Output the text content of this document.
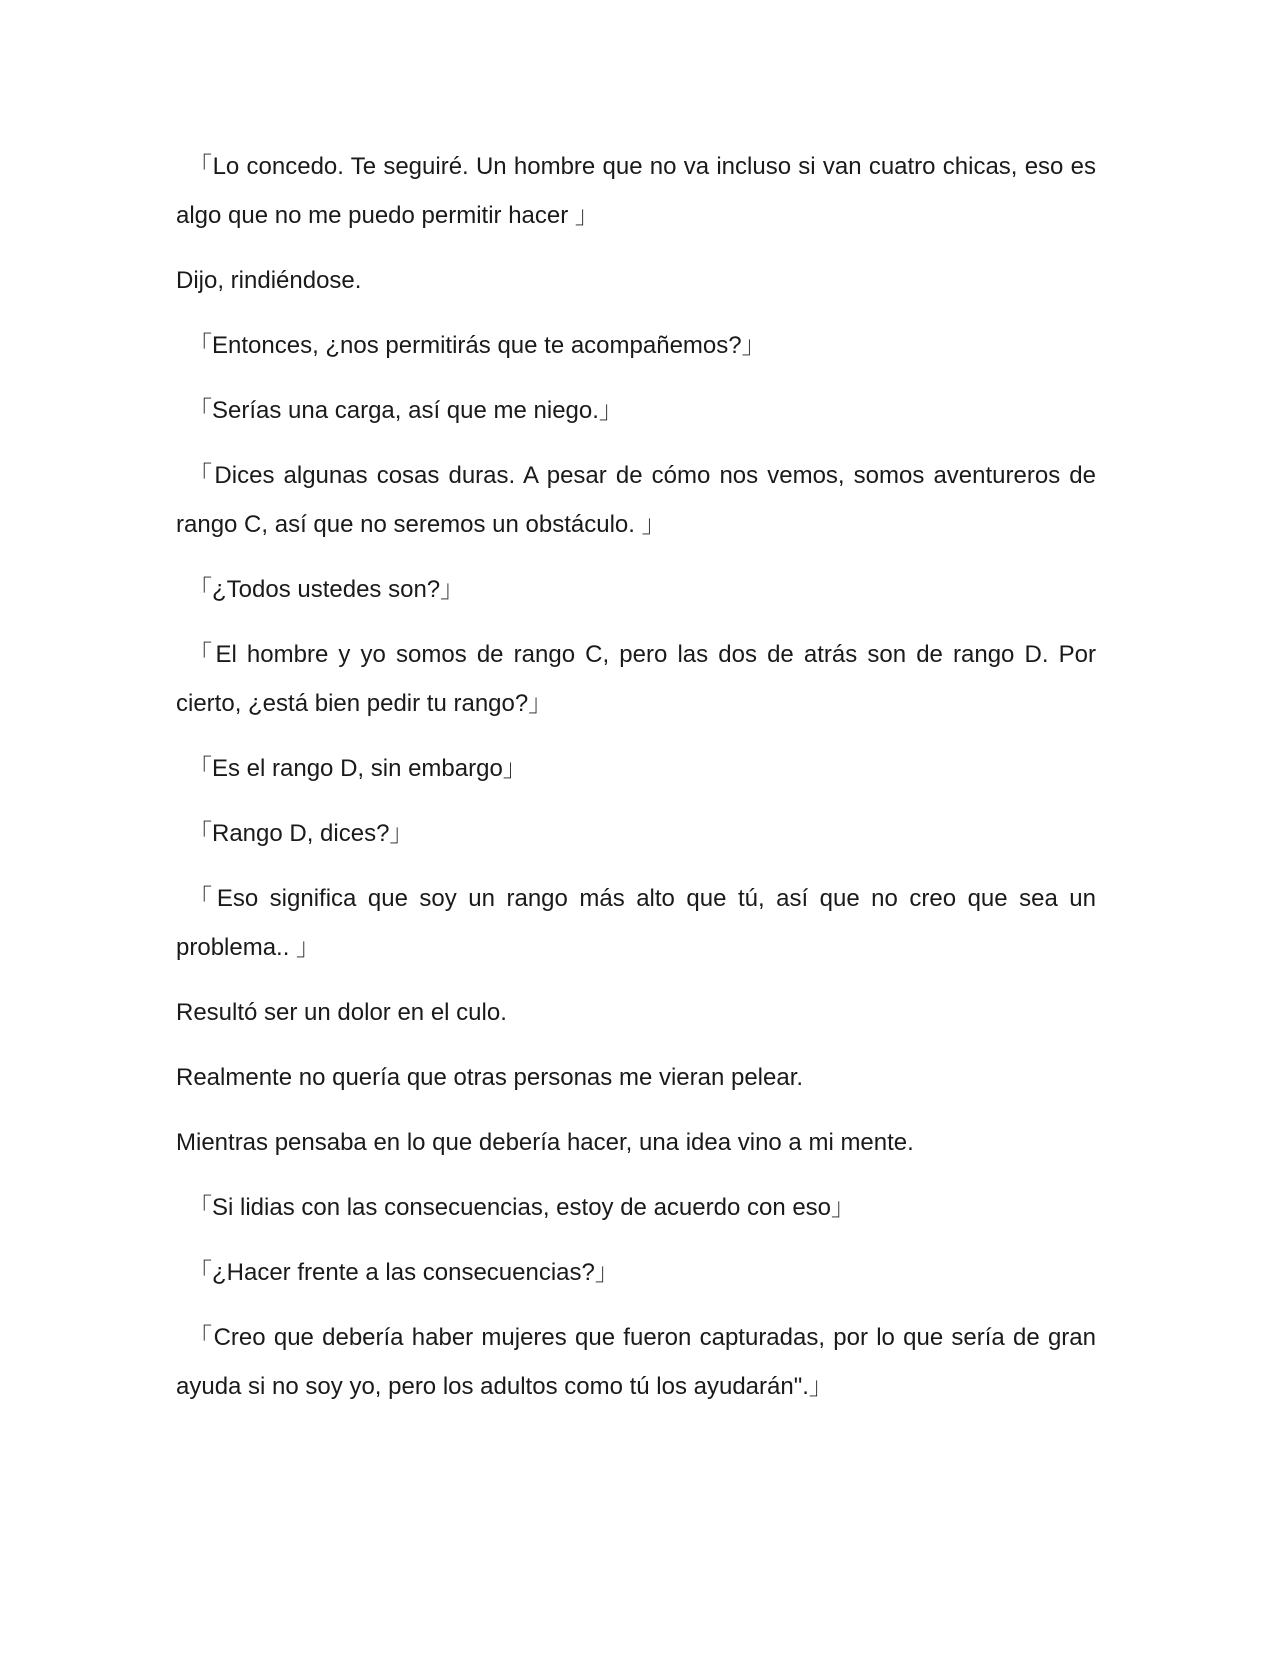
「Lo concedo. Te seguiré. Un hombre que no va incluso si van cuatro chicas, eso es algo que no me puedo permitir hacer 」

Dijo, rindiéndose.

「Entonces, ¿nos permitirás que te acompañemos?」

「Serías una carga, así que me niego.」

「Dices algunas cosas duras. A pesar de cómo nos vemos, somos aventureros de rango C, así que no seremos un obstáculo. 」

「¿Todos ustedes son?」

「El hombre y yo somos de rango C, pero las dos de atrás son de rango D. Por cierto, ¿está bien pedir tu rango?」

「Es el rango D, sin embargo」

「Rango D, dices?」

「Eso significa que soy un rango más alto que tú, así que no creo que sea un problema.. 」

Resultó ser un dolor en el culo.

Realmente no quería que otras personas me vieran pelear.

Mientras pensaba en lo que debería hacer, una idea vino a mi mente.

「Si lidias con las consecuencias, estoy de acuerdo con eso」

「¿Hacer frente a las consecuencias?」

「Creo que debería haber mujeres que fueron capturadas, por lo que sería de gran ayuda si no soy yo, pero los adultos como tú los ayudarán".」
